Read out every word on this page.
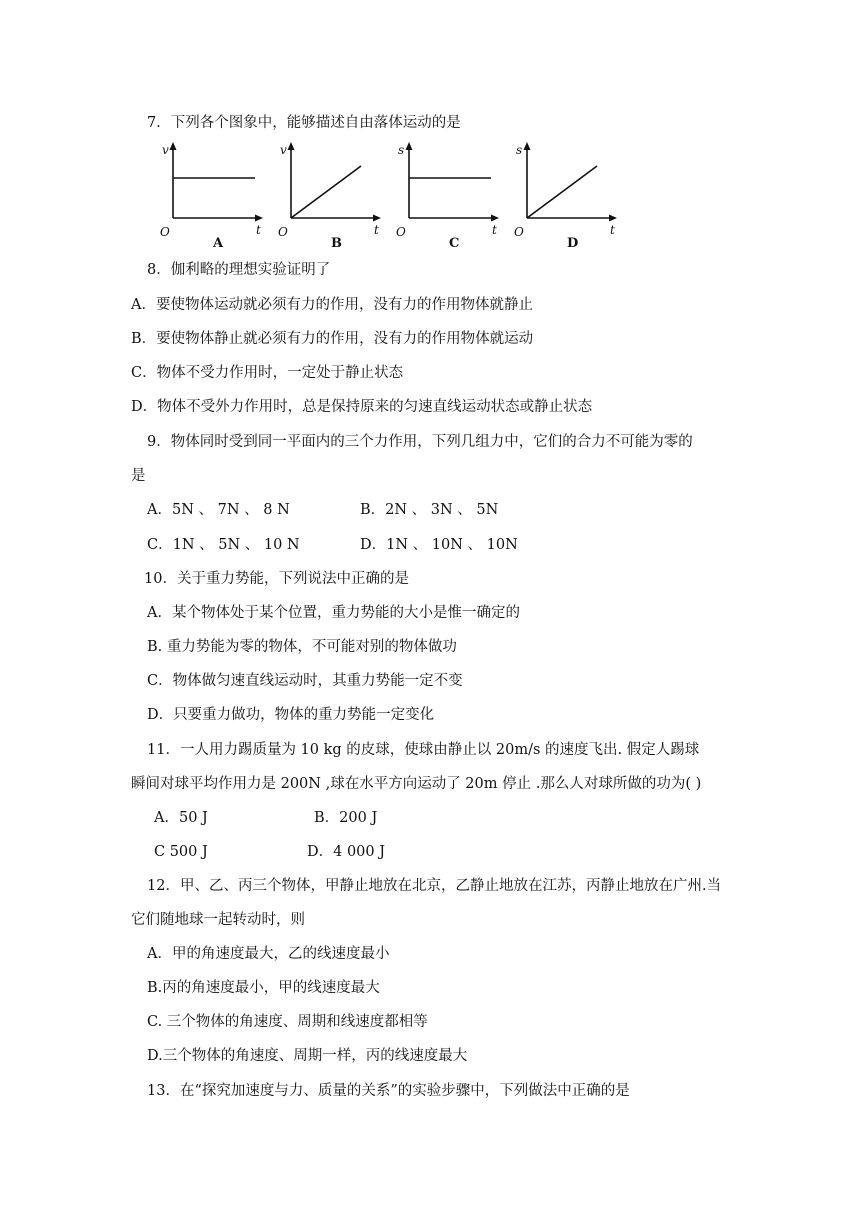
7．下列各个图象中，能够描述自由落体运动的是
v
t
O
A
v
t
O
B
s
t
O
C
s
t
O
D
8．伽利略的理想实验证明了
A．要使物体运动就必须有力的作用，没有力的作用物体就静止
B．要使物体静止就必须有力的作用，没有力的作用物体就运动
C．物体不受力作用时，一定处于静止状态
D．物体不受外力作用时，总是保持原来的匀速直线运动状态或静止状态
9．物体同时受到同一平面内的三个力作用，下列几组力中，它们的合力不可能为零的
是
A．5N 、 7N 、 8 N	B．2N 、 3N 、 5N
C．1N 、 5N 、 10 N	D．1N 、 10N 、 10N
10．关于重力势能，下列说法中正确的是
A．某个物体处于某个位置，重力势能的大小是惟一确定的
B. 重力势能为零的物体，不可能对别的物体做功
C．物体做匀速直线运动时，其重力势能一定不变
D．只要重力做功，物体的重力势能一定变化
11．一人用力踢质量为 10 kg 的皮球，使球由静止以 20m/s 的速度飞出. 假定人踢球
瞬间对球平均作用力是 200N ,球在水平方向运动了 20m 停止 .那么人对球所做的功为( )
A．50 J	B．200 J
C 500 J	D．4 000 J
12．甲、乙、丙三个物体，甲静止地放在北京，乙静止地放在江苏，丙静止地放在广州.当
它们随地球一起转动时，则
A．甲的角速度最大，乙的线速度最小
B.丙的角速度最小，甲的线速度最大
C. 三个物体的角速度、周期和线速度都相等
D.三个物体的角速度、周期一样，丙的线速度最大
13．在“探究加速度与力、质量的关系”的实验步骤中，下列做法中正确的是
